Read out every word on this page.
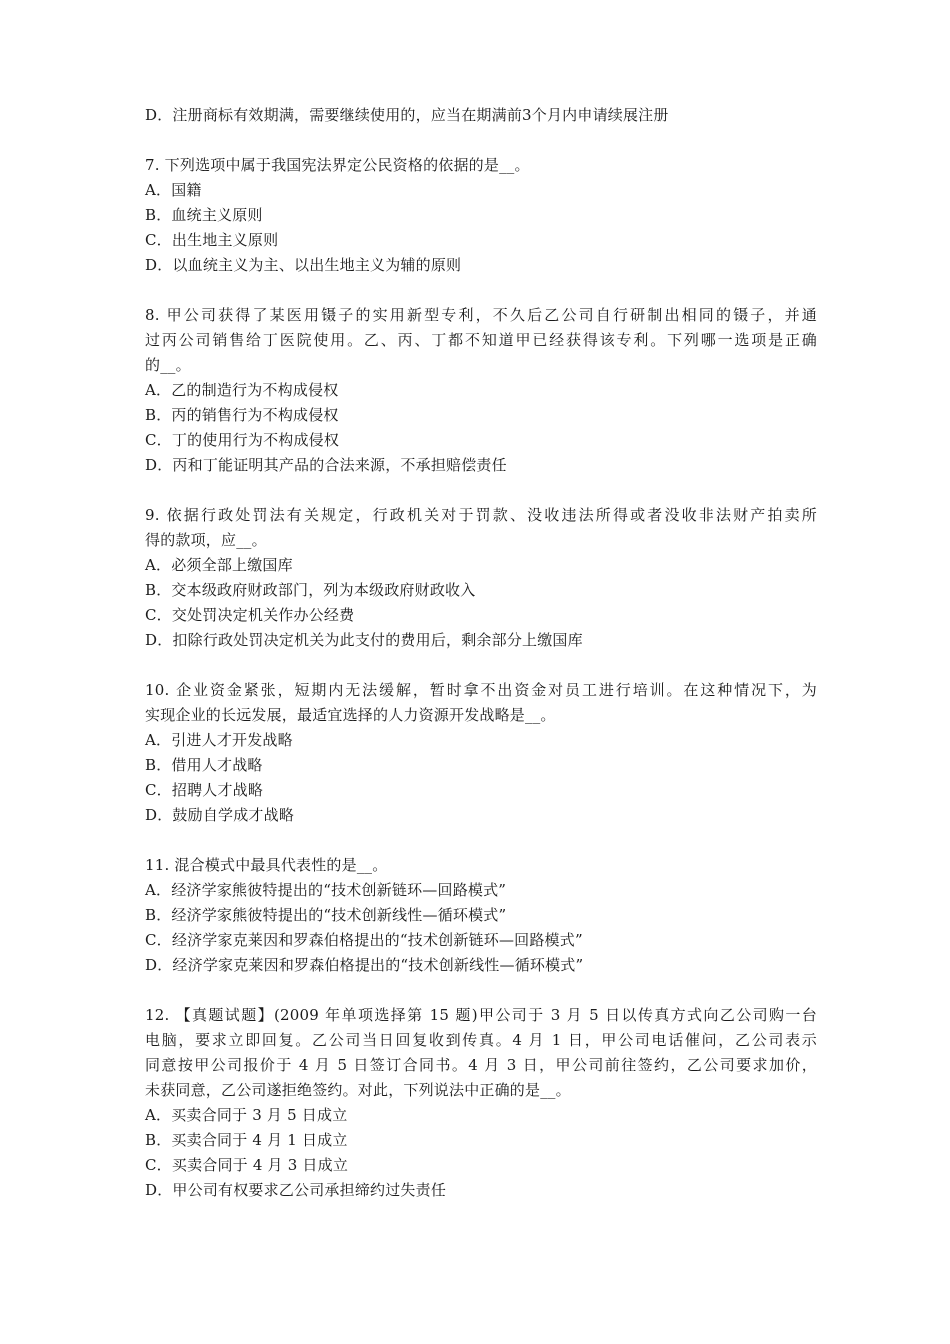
D．注册商标有效期满，需要继续使用的，应当在期满前3个月内申请续展注册
7. 下列选项中属于我国宪法界定公民资格的依据的是__。
A．国籍
B．血统主义原则
C．出生地主义原则
D．以血统主义为主、以出生地主义为辅的原则
8. 甲公司获得了某医用镊子的实用新型专利，不久后乙公司自行研制出相同的镊子，并通
过丙公司销售给丁医院使用。乙、丙、丁都不知道甲已经获得该专利。下列哪一选项是正确
的__。
A．乙的制造行为不构成侵权
B．丙的销售行为不构成侵权
C．丁的使用行为不构成侵权
D．丙和丁能证明其产品的合法来源，不承担赔偿责任
9. 依据行政处罚法有关规定，行政机关对于罚款、没收违法所得或者没收非法财产拍卖所
得的款项，应__。
A．必须全部上缴国库
B．交本级政府财政部门，列为本级政府财政收入
C．交处罚决定机关作办公经费
D．扣除行政处罚决定机关为此支付的费用后，剩余部分上缴国库
10. 企业资金紧张，短期内无法缓解，暂时拿不出资金对员工进行培训。在这种情况下，为
实现企业的长远发展，最适宜选择的人力资源开发战略是__。
A．引进人才开发战略
B．借用人才战略
C．招聘人才战略
D．鼓励自学成才战略
11. 混合模式中最具代表性的是__。
A．经济学家熊彼特提出的“技术创新链环—回路模式”
B．经济学家熊彼特提出的“技术创新线性—循环模式”
C．经济学家克莱因和罗森伯格提出的“技术创新链环—回路模式”
D．经济学家克莱因和罗森伯格提出的“技术创新线性—循环模式”
12. 【真题试题】(2009 年单项选择第 15 题)甲公司于 3 月 5 日以传真方式向乙公司购一台
电脑，要求立即回复。乙公司当日回复收到传真。4 月 1 日，甲公司电话催问，乙公司表示
同意按甲公司报价于 4 月 5 日签订合同书。4 月 3 日，甲公司前往签约，乙公司要求加价，
未获同意，乙公司遂拒绝签约。对此，下列说法中正确的是__。
A．买卖合同于 3 月 5 日成立
B．买卖合同于 4 月 1 日成立
C．买卖合同于 4 月 3 日成立
D．甲公司有权要求乙公司承担缔约过失责任
